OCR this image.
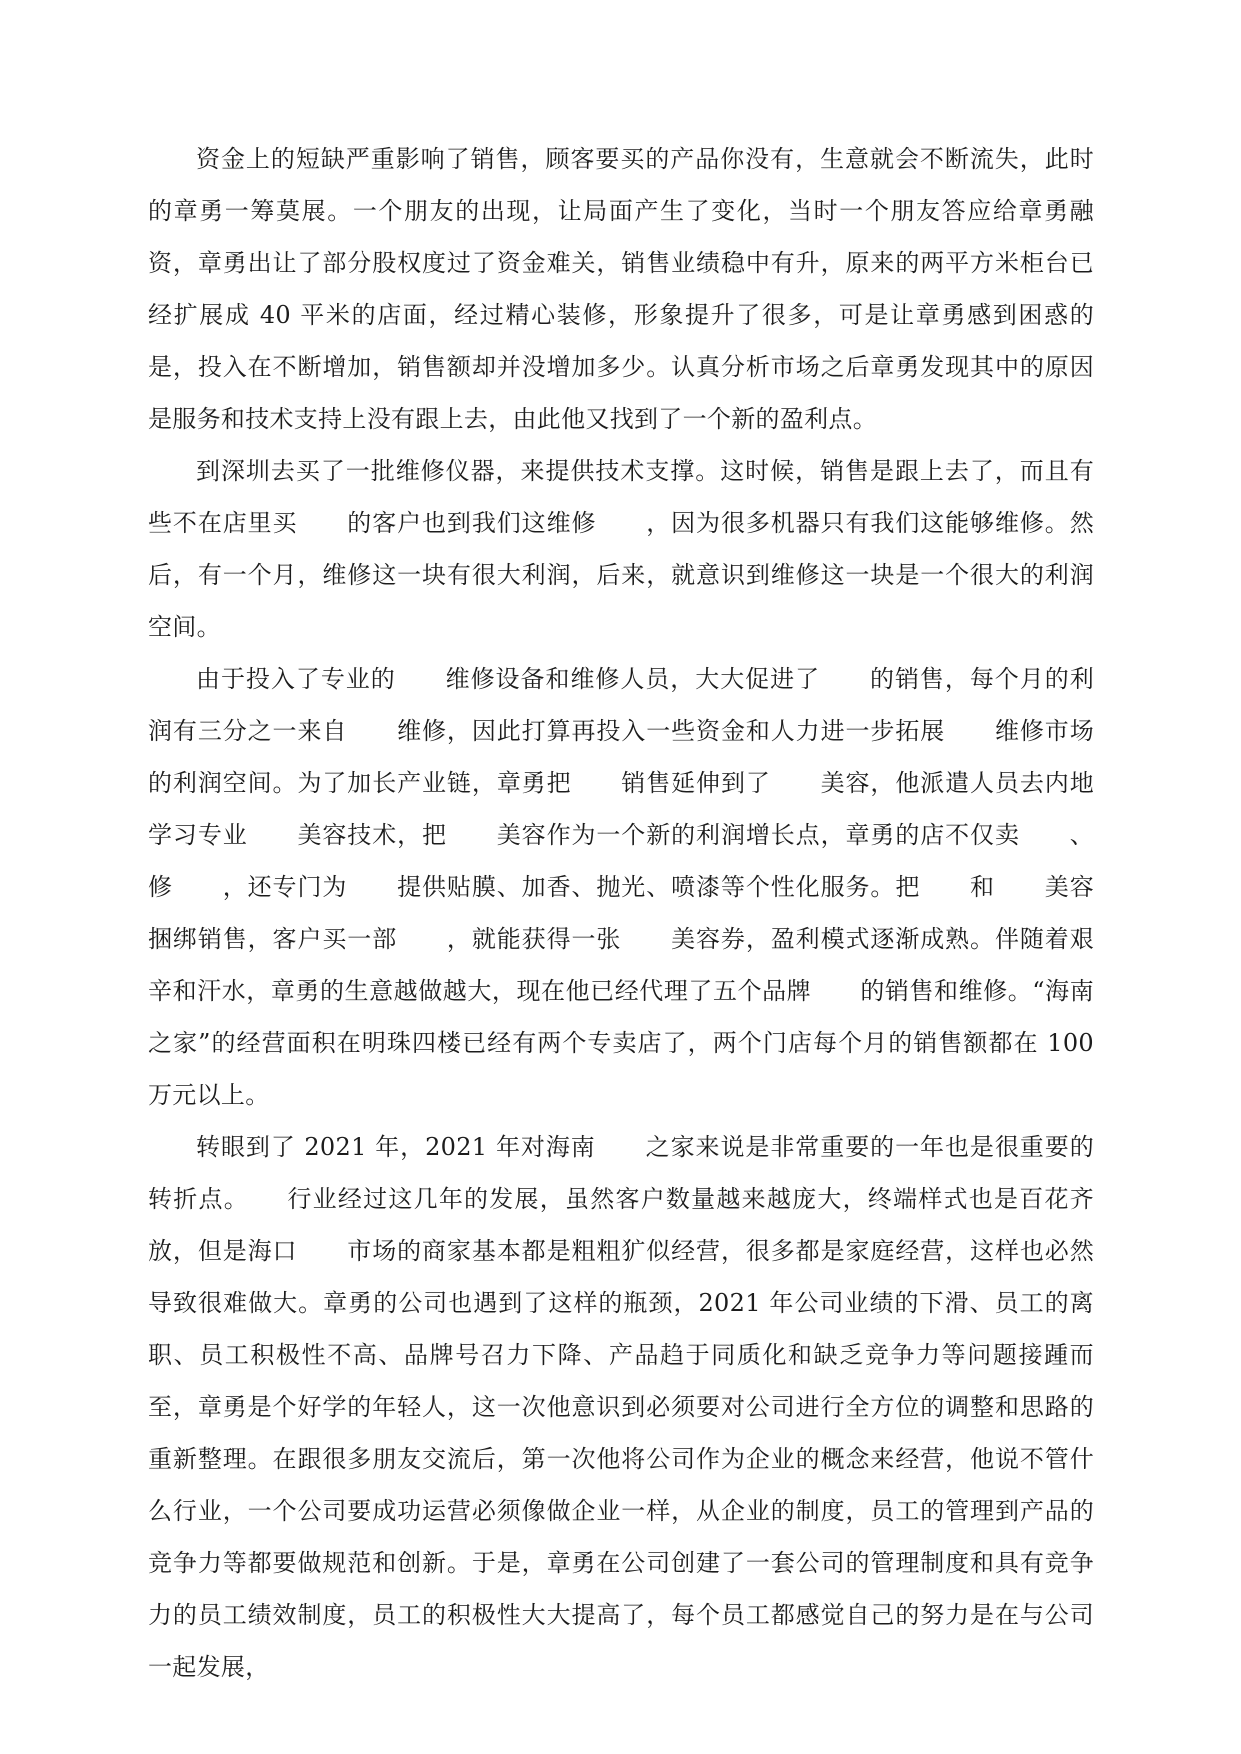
资金上的短缺严重影响了销售，顾客要买的产品你没有，生意就会不断流失，此时的章勇一筹莫展。一个朋友的出现，让局面产生了变化，当时一个朋友答应给章勇融资，章勇出让了部分股权度过了资金难关，销售业绩稳中有升，原来的两平方米柜台已经扩展成 40 平米的店面，经过精心装修，形象提升了很多，可是让章勇感到困惑的是，投入在不断增加，销售额却并没增加多少。认真分析市场之后章勇发现其中的原因是服务和技术支持上没有跟上去，由此他又找到了一个新的盈利点。

到深圳去买了一批维修仪器，来提供技术支撑。这时候，销售是跟上去了，而且有些不在店里买　　的客户也到我们这维修　　，因为很多机器只有我们这能够维修。然后，有一个月，维修这一块有很大利润，后来，就意识到维修这一块是一个很大的利润空间。

由于投入了专业的　　维修设备和维修人员，大大促进了　　的销售，每个月的利润有三分之一来自　　维修，因此打算再投入一些资金和人力进一步拓展　　维修市场的利润空间。为了加长产业链，章勇把　　销售延伸到了　　美容，他派遣人员去内地学习专业　　美容技术，把　　美容作为一个新的利润增长点，章勇的店不仅卖　　、修　　，还专门为　　提供贴膜、加香、抛光、喷漆等个性化服务。把　　和　　美容捆绑销售，客户买一部　　，就能获得一张　　美容券，盈利模式逐渐成熟。伴随着艰辛和汗水，章勇的生意越做越大，现在他已经代理了五个品牌　　的销售和维修。“海南　　之家”的经营面积在明珠四楼已经有两个专卖店了，两个门店每个月的销售额都在 100 万元以上。

转眼到了 2021 年，2021 年对海南　　之家来说是非常重要的一年也是很重要的转折点。　　行业经过这几年的发展，虽然客户数量越来越庞大，终端样式也是百花齐放，但是海口　　市场的商家基本都是粗粗犷似经营，很多都是家庭经营，这样也必然导致很难做大。章勇的公司也遇到了这样的瓶颈，2021 年公司业绩的下滑、员工的离职、员工积极性不高、品牌号召力下降、产品趋于同质化和缺乏竞争力等问题接踵而至，章勇是个好学的年轻人，这一次他意识到必须要对公司进行全方位的调整和思路的重新整理。在跟很多朋友交流后，第一次他将公司作为企业的概念来经营，他说不管什么行业，一个公司要成功运营必须像做企业一样，从企业的制度，员工的管理到产品的竞争力等都要做规范和创新。于是，章勇在公司创建了一套公司的管理制度和具有竞争力的员工绩效制度，员工的积极性大大提高了，每个员工都感觉自己的努力是在与公司一起发展，
